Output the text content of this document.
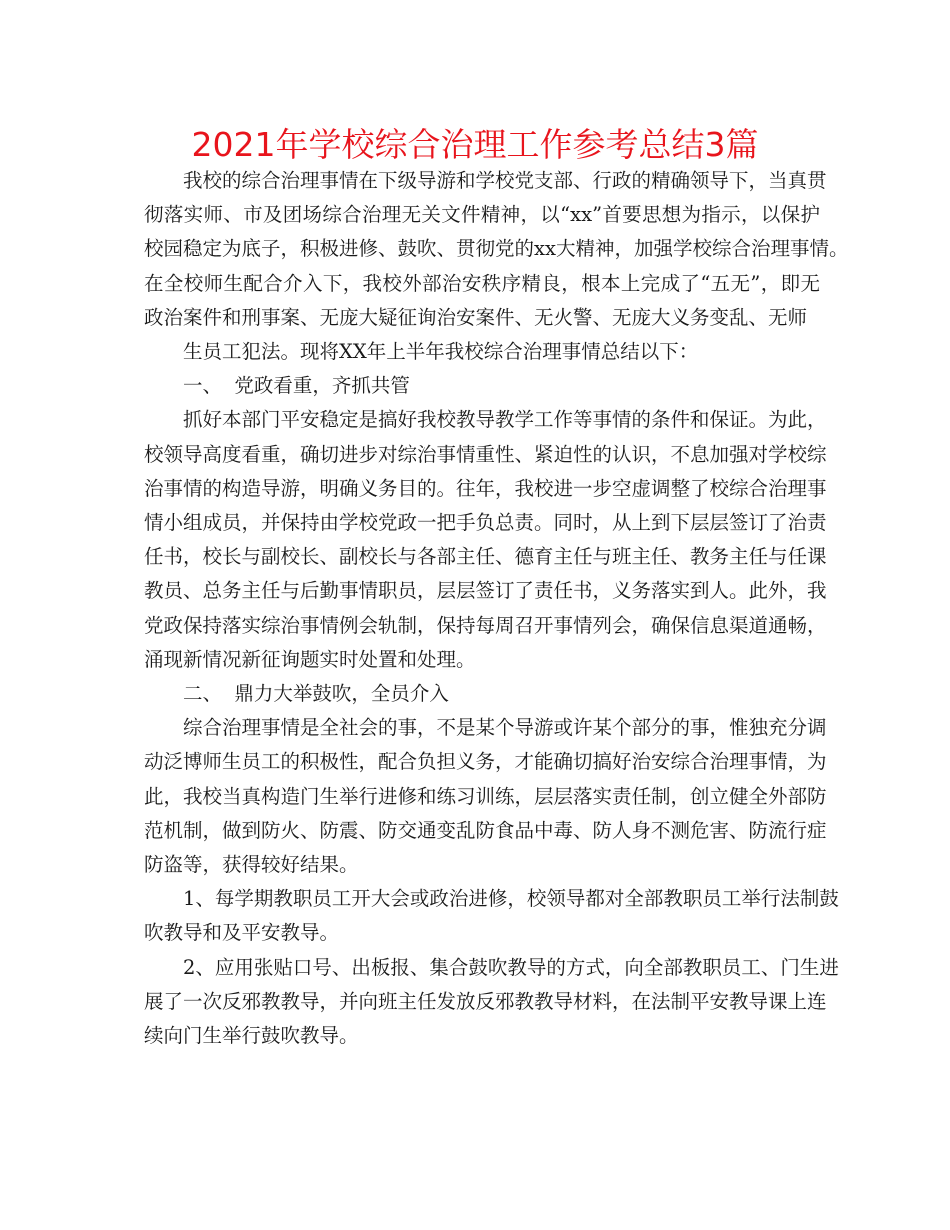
2021年学校综合治理工作参考总结3篇
我校的综合治理事情在下级导游和学校党支部、行政的精确领导下，当真贯
彻落实师、市及团场综合治理无关文件精神，以“xx”首要思想为指示，以保护
校园稳定为底子，积极进修、鼓吹、贯彻党的xx大精神，加强学校综合治理事情。
在全校师生配合介入下，我校外部治安秩序精良，根本上完成了“五无”，即无
政治案件和刑事案、无庞大疑征询治安案件、无火警、无庞大义务变乱、无师
生员工犯法。现将XX年上半年我校综合治理事情总结以下：
一、  党政看重，齐抓共管
抓好本部门平安稳定是搞好我校教导教学工作等事情的条件和保证。为此，
校领导高度看重，确切进步对综治事情重性、紧迫性的认识，不息加强对学校综
治事情的构造导游，明确义务目的。往年，我校进一步空虚调整了校综合治理事
情小组成员，并保持由学校党政一把手负总责。同时，从上到下层层签订了治责
任书，校长与副校长、副校长与各部主任、德育主任与班主任、教务主任与任课
教员、总务主任与后勤事情职员，层层签订了责任书，义务落实到人。此外，我
党政保持落实综治事情例会轨制，保持每周召开事情列会，确保信息渠道通畅，
涌现新情况新征询题实时处置和处理。
二、  鼎力大举鼓吹，全员介入
综合治理事情是全社会的事，不是某个导游或许某个部分的事，惟独充分调
动泛博师生员工的积极性，配合负担义务，才能确切搞好治安综合治理事情，为
此，我校当真构造门生举行进修和练习训练，层层落实责任制，创立健全外部防
范机制，做到防火、防震、防交通变乱防食品中毒、防人身不测危害、防流行症
防盗等，获得较好结果。
1、每学期教职员工开大会或政治进修，校领导都对全部教职员工举行法制鼓
吹教导和及平安教导。
2、应用张贴口号、出板报、集合鼓吹教导的方式，向全部教职员工、门生进
展了一次反邪教教导，并向班主任发放反邪教教导材料，在法制平安教导课上连
续向门生举行鼓吹教导。
